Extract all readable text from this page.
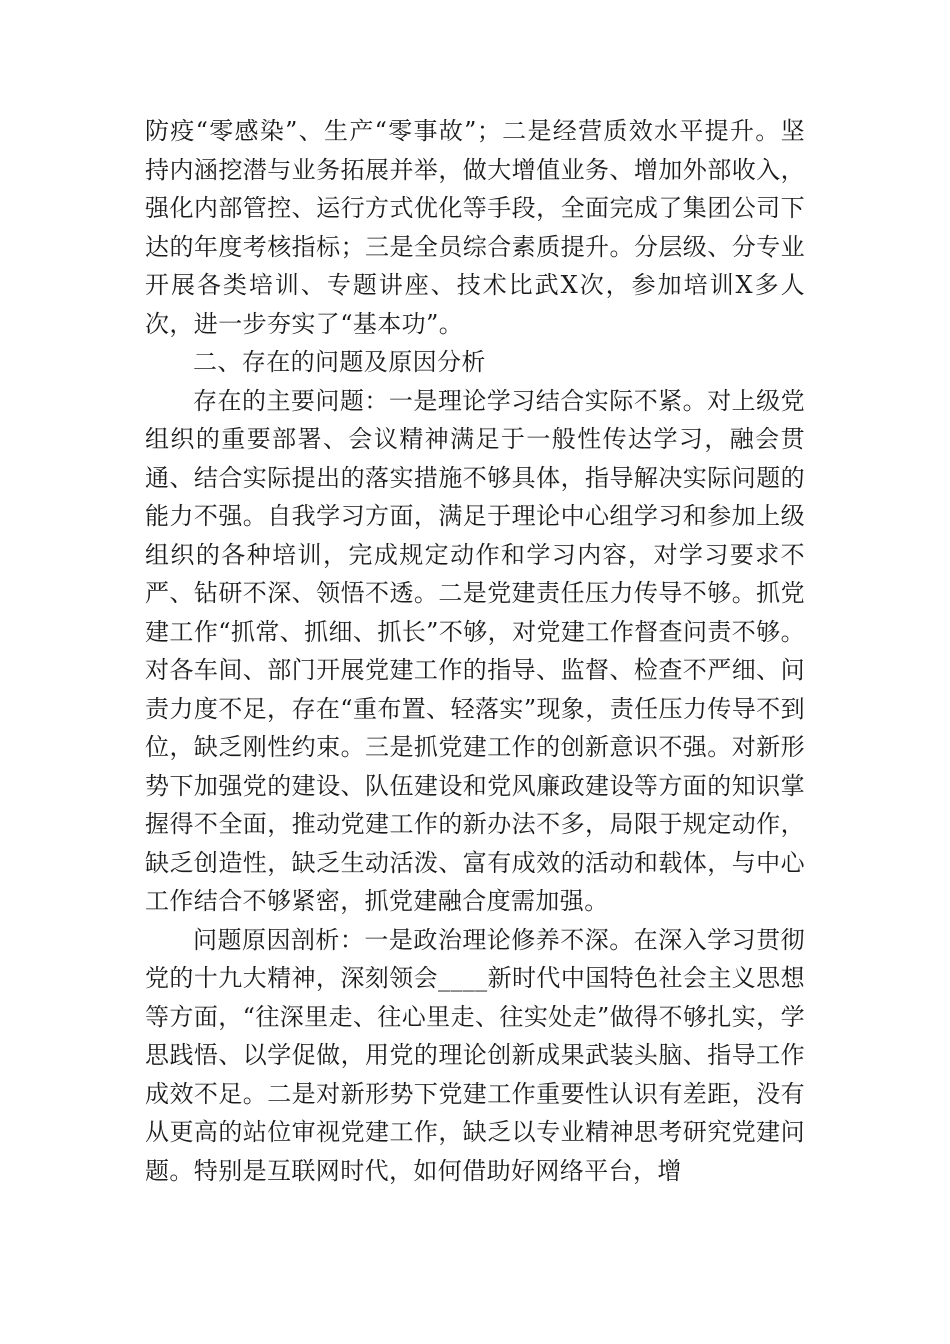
防疫“零感染”、生产“零事故”；二是经营质效水平提升。坚持内涵挖潜与业务拓展并举，做大增值业务、增加外部收入，强化内部管控、运行方式优化等手段，全面完成了集团公司下达的年度考核指标；三是全员综合素质提升。分层级、分专业开展各类培训、专题讲座、技术比武X次，参加培训X多人次，进一步夯实了“基本功”。

二、存在的问题及原因分析

存在的主要问题：一是理论学习结合实际不紧。对上级党组织的重要部署、会议精神满足于一般性传达学习，融会贯通、结合实际提出的落实措施不够具体，指导解决实际问题的能力不强。自我学习方面，满足于理论中心组学习和参加上级组织的各种培训，完成规定动作和学习内容，对学习要求不严、钻研不深、领悟不透。二是党建责任压力传导不够。抓党建工作“抓常、抓细、抓长”不够，对党建工作督查问责不够。对各车间、部门开展党建工作的指导、监督、检查不严细、问责力度不足，存在“重布置、轻落实”现象，责任压力传导不到位，缺乏刚性约束。三是抓党建工作的创新意识不强。对新形势下加强党的建设、队伍建设和党风廉政建设等方面的知识掌握得不全面，推动党建工作的新办法不多，局限于规定动作，缺乏创造性，缺乏生动活泼、富有成效的活动和载体，与中心工作结合不够紧密，抓党建融合度需加强。

问题原因剖析：一是政治理论修养不深。在深入学习贯彻党的十九大精神，深刻领会____新时代中国特色社会主义思想等方面，“往深里走、往心里走、往实处走”做得不够扎实，学思践悟、以学促做，用党的理论创新成果武装头脑、指导工作成效不足。二是对新形势下党建工作重要性认识有差距，没有从更高的站位审视党建工作，缺乏以专业精神思考研究党建问题。特别是互联网时代，如何借助好网络平台，增
